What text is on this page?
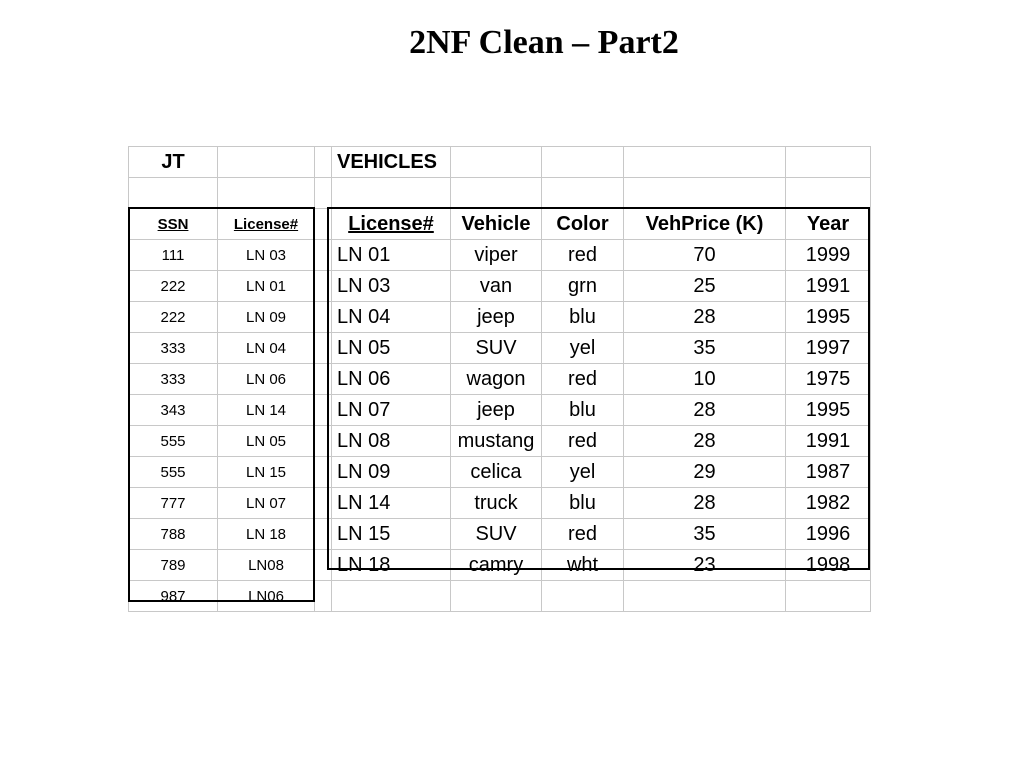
2NF Clean – Part2
JT			VEHICLES				

SSN	License#		License#	Vehicle	Color	VehPrice (K)	Year
111	LN 03		LN 01	viper	red	70	1999
222	LN 01		LN 03	van	grn	25	1991
222	LN 09		LN 04	jeep	blu	28	1995
333	LN 04		LN 05	SUV	yel	35	1997
333	LN 06		LN 06	wagon	red	10	1975
343	LN 14		LN 07	jeep	blu	28	1995
555	LN 05		LN 08	mustang	red	28	1991
555	LN 15		LN 09	celica	yel	29	1987
777	LN 07		LN 14	truck	blu	28	1982
788	LN 18		LN 15	SUV	red	35	1996
789	LN08		LN 18	camry	wht	23	1998
987	LN06						
